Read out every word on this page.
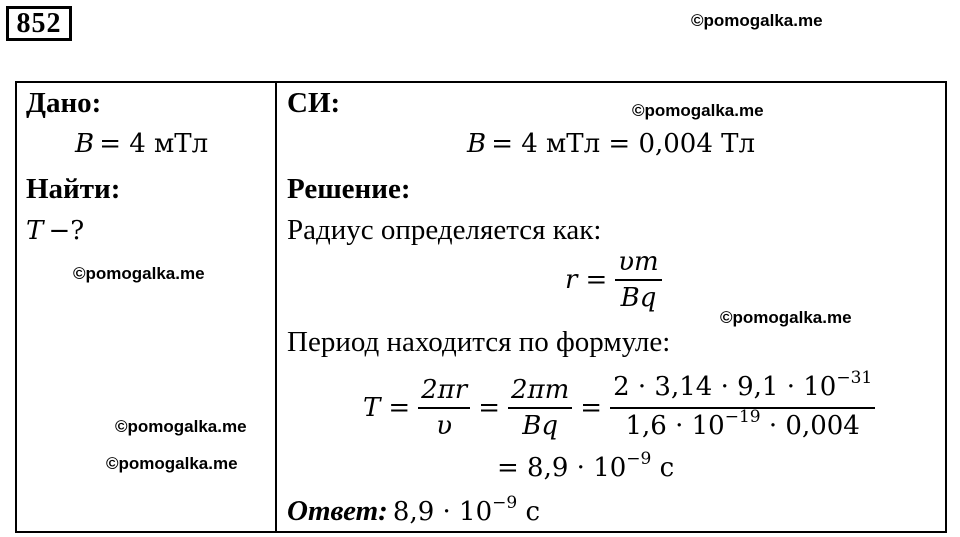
852	©pomogalka.me
Дано:
B = 4 мТл
Найти:
T −?
©pomogalka.me
©pomogalka.me
©pomogalka.me

СИ:	©pomogalka.me
B = 4 мТл = 0,004 Тл
Решение:
Радиус определяется как:
$r = \frac{\upsilon m}{Bq}$
©pomogalka.me
Период находится по формуле:
$T = \frac{2\pi r}{\upsilon} = \frac{2\pi m}{Bq} = \frac{2 \cdot 3,14 \cdot 9,1 \cdot 10^{-31}}{1,6 \cdot 10^{-19} \cdot 0,004}$
= $8,9 \cdot 10^{-9}$ с
Ответ: $8,9 \cdot 10^{-9}$ с
